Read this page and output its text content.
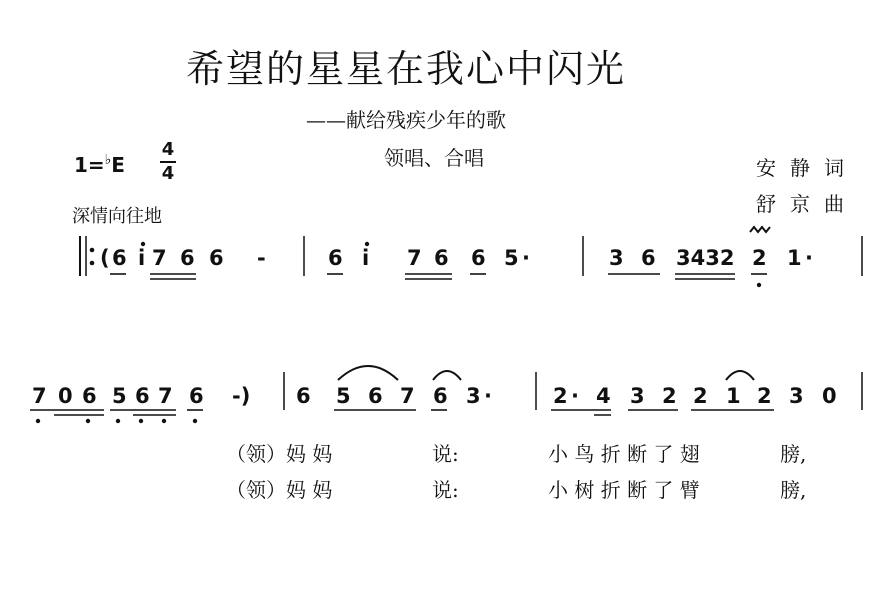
希望的星星在我心中闪光
——献给残疾少年的歌
领唱、合唱	安静词
舒京曲
1=♭E
4
4
深情向往地
( 6 i 7 6 6 -	6 i 7 6 6 5 ·	3 6 3432 2 1 ·
7 0 6 5 6 7 6 -) 6 5 6 7 6 3 ·	2 · 4 3 2 2 1 2 3 0
（领）妈 妈	说:	小 鸟 折 断 了 翅	膀,
（领）妈 妈	说:	小 树 折 断 了 臂	膀,
